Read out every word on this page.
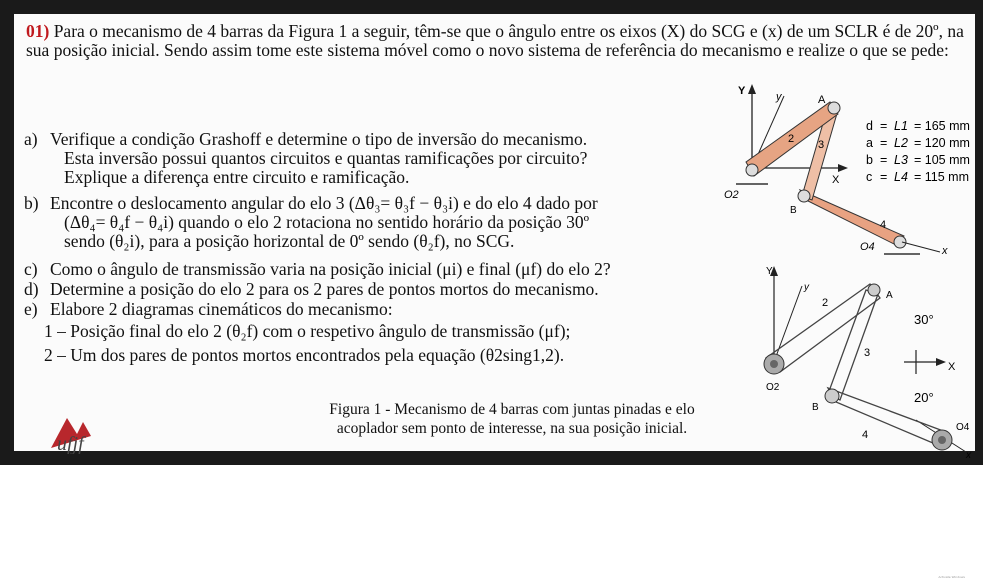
01) Para o mecanismo de 4 barras da Figura 1 a seguir, têm-se que o ângulo entre os eixos (X) do SCG e (x) de um SCLR é de 20º, na sua posição inicial. Sendo assim tome este sistema móvel como o novo sistema de referência do mecanismo e realize o que se pede:
a) Verifique a condição Grashoff e determine o tipo de inversão do mecanismo.
Esta inversão possui quantos circuitos e quantas ramificações por circuito?
Explique a diferença entre circuito e ramificação.
b) Encontre o deslocamento angular do elo 3 (Δθ₃= θ₃f − θ₃i) e do elo 4 dado por
(Δθ₄= θ₄f − θ₄i) quando o elo 2 rotaciona no sentido horário da posição 30º
sendo (θ₂i), para a posição horizontal de 0º sendo (θ₂f), no SCG.
c) Como o ângulo de transmissão varia na posição inicial (μi) e final (μf) do elo 2?
d) Determine a posição do elo 2 para os 2 pares de pontos mortos do mecanismo.
e) Elabore 2 diagramas cinemáticos do mecanismo:
1 – Posição final do elo 2 (θ₂f) com o respetivo ângulo de transmissão (μf);
2 – Um dos pares de pontos mortos encontrados pela equação (θ2sing1,2).
Figura 1 - Mecanismo de 4 barras com juntas pinadas e elo
acoplador sem ponto de interesse, na sua posição inicial.
ufjf
Y	y	A
B
X
O2
O4	x
2 3
4
d = L1 = 165 mm
a = L2 = 120 mm
b = L3 = 105 mm
c = L4 = 115 mm
Y
y
A
B
X
x
O2
O4
2
3
4
30°
20°
Activate Windows
